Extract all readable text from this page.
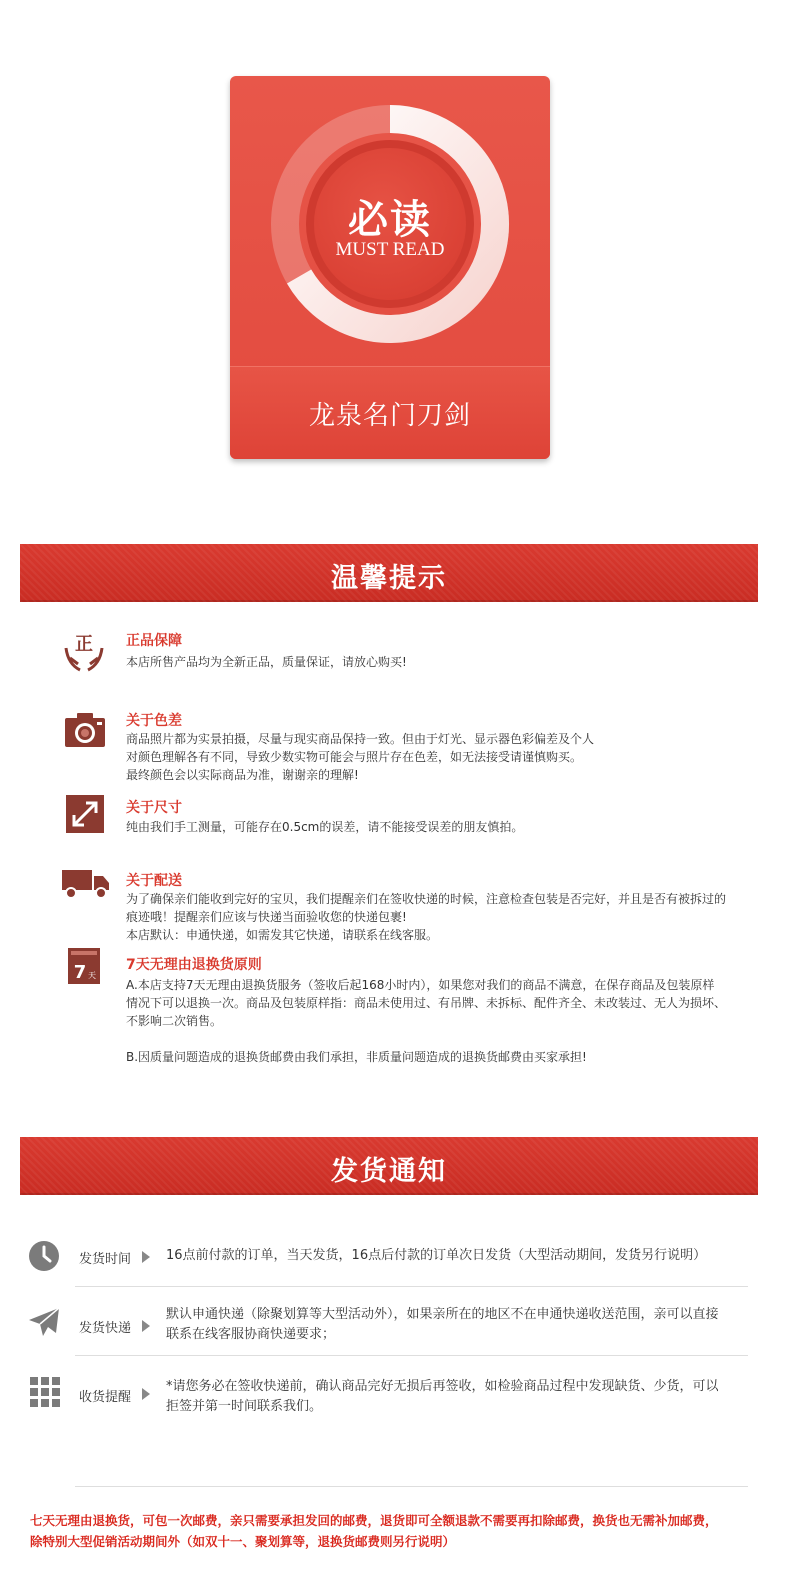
必读
MUST READ
龙泉名门刀剑
温馨提示
正 正品保障

本店所售产品均为全新正品，质量保证，请放心购买!

关于色差

商品照片都为实景拍摄，尽量与现实商品保持一致。但由于灯光、显示器色彩偏差及个人

对颜色理解各有不同，导致少数实物可能会与照片存在色差，如无法接受请谨慎购买。

最终颜色会以实际商品为准，谢谢亲的理解!

关于尺寸

纯由我们手工测量，可能存在0.5cm的误差，请不能接受误差的朋友慎拍。

关于配送

为了确保亲们能收到完好的宝贝，我们提醒亲们在签收快递的时候，注意检查包装是否完好，并且是否有被拆过的

痕迹哦！提醒亲们应该与快递当面验收您的快递包裹!

本店默认：申通快递，如需发其它快递，请联系在线客服。

7 天
7天无理由退换货原则

A.本店支持7天无理由退换货服务（签收后起168小时内），如果您对我们的商品不满意，在保存商品及包装原样

情况下可以退换一次。商品及包装原样指：商品未使用过、有吊牌、未拆标、配件齐全、未改装过、无人为损坏、

不影响二次销售。

B.因质量问题造成的退换货邮费由我们承担，非质量问题造成的退换货邮费由买家承担!

发货通知
发货时间	16点前付款的订单，当天发货，16点后付款的订单次日发货（大型活动期间，发货另行说明）

发货快递

默认申通快递（除聚划算等大型活动外），如果亲所在的地区不在申通快递收送范围，亲可以直接

联系在线客服协商快递要求；

收货提醒

*请您务必在签收快递前，确认商品完好无损后再签收，如检验商品过程中发现缺货、少货，可以

拒签并第一时间联系我们。

七天无理由退换货，可包一次邮费，亲只需要承担发回的邮费，退货即可全额退款不需要再扣除邮费，换货也无需补加邮费，

除特别大型促销活动期间外（如双十一、聚划算等，退换货邮费则另行说明）
